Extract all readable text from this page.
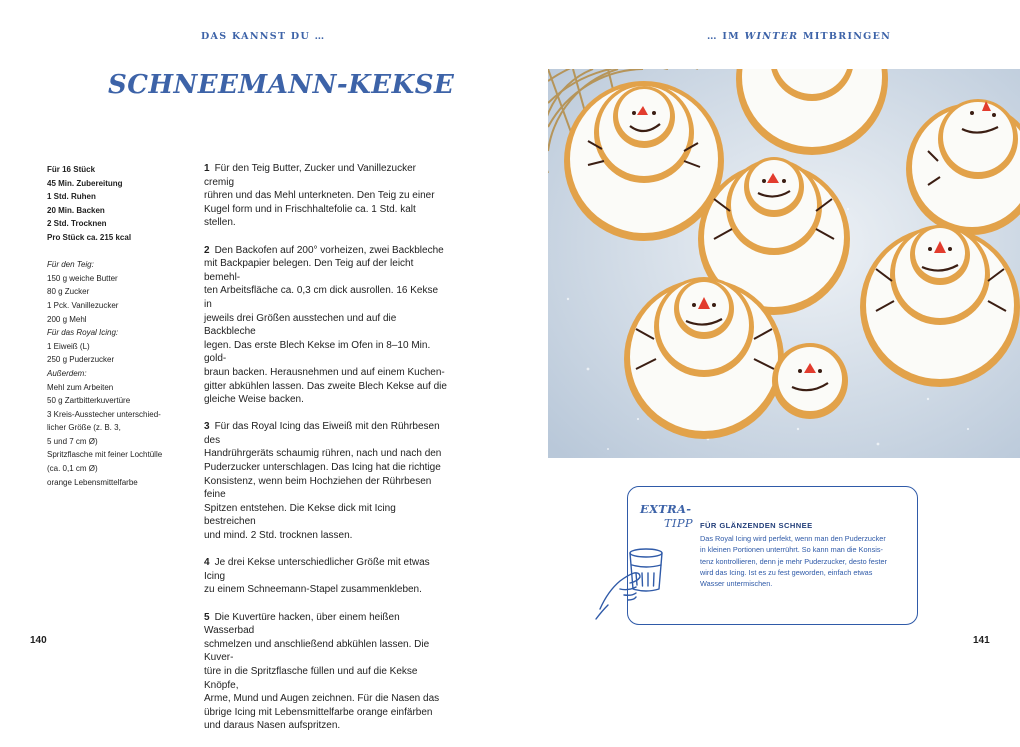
DAS KANNST DU …	… IM WINTER MITBRINGEN
SCHNEEMANN-KEKSE
Für 16 Stück
45 Min. Zubereitung
1 Std. Ruhen
20 Min. Backen
2 Std. Trocknen
Pro Stück ca. 215 kcal
Für den Teig:
150 g weiche Butter
80 g Zucker
1 Pck. Vanillezucker
200 g Mehl
Für das Royal Icing:
1 Eiweiß (L)
250 g Puderzucker
Außerdem:
Mehl zum Arbeiten
50 g Zartbitterkuvertüre
3 Kreis-Ausstecher unterschied-
licher Größe (z. B. 3,
5 und 7 cm Ø)
Spritzflasche mit feiner Lochtülle
(ca. 0,1 cm Ø)
orange Lebensmittelfarbe
1 Für den Teig Butter, Zucker und Vanillezucker cremig
rühren und das Mehl unterkneten. Den Teig zu einer
Kugel form und in Frischhaltefolie ca. 1 Std. kalt stellen.
2 Den Backofen auf 200° vorheizen, zwei Backbleche
mit Backpapier belegen. Den Teig auf der leicht bemehl-
ten Arbeitsfläche ca. 0,3 cm dick ausrollen. 16 Kekse in
jeweils drei Größen ausstechen und auf die Backbleche
legen. Das erste Blech Kekse im Ofen in 8–10 Min. gold-
braun backen. Herausnehmen und auf einem Kuchen-
gitter abkühlen lassen. Das zweite Blech Kekse auf die
gleiche Weise backen.
3 Für das Royal Icing das Eiweiß mit den Rührbesen des
Handrührgeräts schaumig rühren, nach und nach den
Puderzucker unterschlagen. Das Icing hat die richtige
Konsistenz, wenn beim Hochziehen der Rührbesen feine
Spitzen entstehen. Die Kekse dick mit Icing bestreichen
und mind. 2 Std. trocknen lassen.
4 Je drei Kekse unterschiedlicher Größe mit etwas Icing
zu einem Schneemann-Stapel zusammenkleben.
5 Die Kuvertüre hacken, über einem heißen Wasserbad
schmelzen und anschließend abkühlen lassen. Die Kuver-
türe in die Spritzflasche füllen und auf die Kekse Knöpfe,
Arme, Mund und Augen zeichnen. Für die Nasen das
übrige Icing mit Lebensmittelfarbe orange einfärben
und daraus Nasen aufspritzen.
EXTRA-
TIPP FÜR GLÄNZENDEN SCHNEE
Das Royal Icing wird perfekt, wenn man den Puderzucker
in kleinen Portionen unterrührt. So kann man die Konsis-
tenz kontrollieren, denn je mehr Puderzucker, desto fester
wird das Icing. Ist es zu fest geworden, einfach etwas
Wasser untermischen.
140	141
